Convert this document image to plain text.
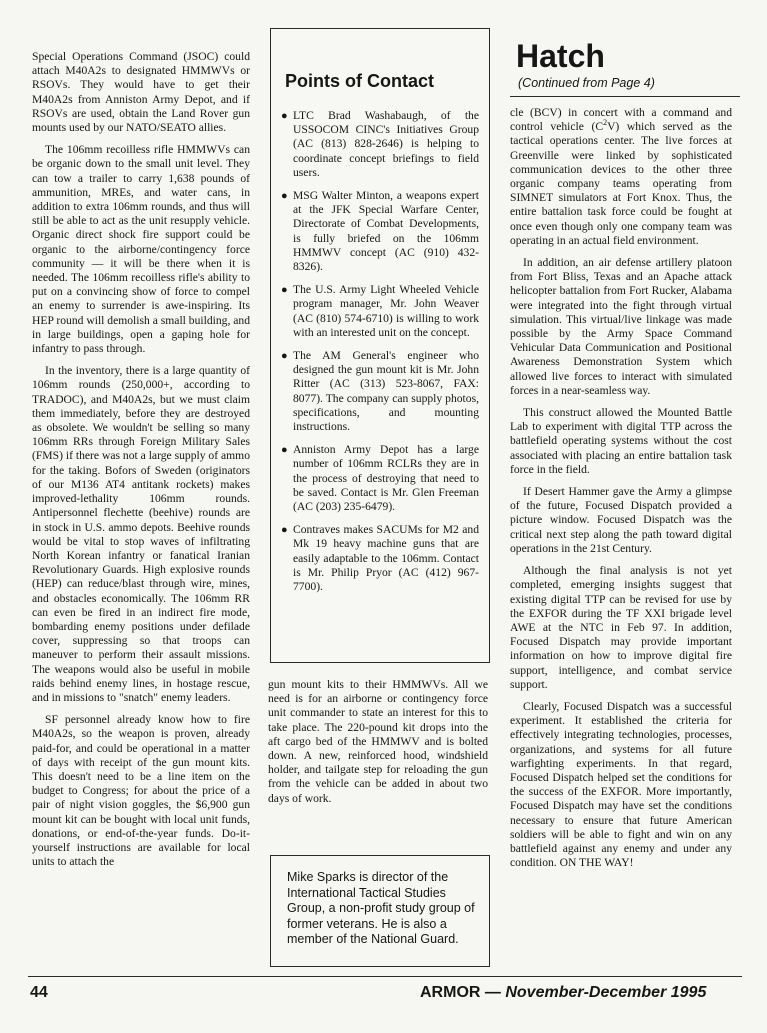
Special Operations Command (JSOC) could attach M40A2s to designated HMMWVs or RSOVs. They would have to get their M40A2s from Anniston Army Depot, and if RSOVs are used, obtain the Land Rover gun mounts used by our NATO/SEATO allies.

The 106mm recoilless rifle HMMWVs can be organic down to the small unit level. They can tow a trailer to carry 1,638 pounds of ammunition, MREs, and water cans, in addition to extra 106mm rounds, and thus will still be able to act as the unit resupply vehicle. Organic direct shock fire support could be organic to the airborne/contingency force community — it will be there when it is needed. The 106mm recoilless rifle's ability to put on a convincing show of force to compel an enemy to surrender is awe-inspiring. Its HEP round will demolish a small building, and in large buildings, open a gaping hole for infantry to pass through.

In the inventory, there is a large quantity of 106mm rounds (250,000+, according to TRADOC), and M40A2s, but we must claim them immediately, before they are destroyed as obsolete. We wouldn't be selling so many 106mm RRs through Foreign Military Sales (FMS) if there was not a large supply of ammo for the taking. Bofors of Sweden (originators of our M136 AT4 antitank rockets) makes improved-lethality 106mm rounds. Antipersonnel flechette (beehive) rounds are in stock in U.S. ammo depots. Beehive rounds would be vital to stop waves of infiltrating North Korean infantry or fanatical Iranian Revolutionary Guards. High explosive rounds (HEP) can reduce/blast through wire, mines, and obstacles economically. The 106mm RR can even be fired in an indirect fire mode, bombarding enemy positions under defilade cover, suppressing so that troops can maneuver to perform their assault missions. The weapons would also be useful in mobile raids behind enemy lines, in hostage rescue, and in missions to "snatch" enemy leaders.

SF personnel already know how to fire M40A2s, so the weapon is proven, already paid-for, and could be operational in a matter of days with receipt of the gun mount kits. This doesn't need to be a line item on the budget to Congress; for about the price of a pair of night vision goggles, the $6,900 gun mount kit can be bought with local unit funds, donations, or end-of-the-year funds. Do-it-yourself instructions are available for local units to attach the

Points of Contact
● LTC Brad Washabaugh, of the USSOCOM CINC's Initiatives Group (AC (813) 828-2646) is helping to coordinate concept briefings to field users.
● MSG Walter Minton, a weapons expert at the JFK Special Warfare Center, Directorate of Combat Developments, is fully briefed on the 106mm HMMWV concept (AC (910) 432-8326).
● The U.S. Army Light Wheeled Vehicle program manager, Mr. John Weaver (AC (810) 574-6710) is willing to work with an interested unit on the concept.
● The AM General's engineer who designed the gun mount kit is Mr. John Ritter (AC (313) 523-8067, FAX: 8077). The company can supply photos, specifications, and mounting instructions.
● Anniston Army Depot has a large number of 106mm RCLRs they are in the process of destroying that need to be saved. Contact is Mr. Glen Freeman (AC (203) 235-6479).
● Contraves makes SACUMs for M2 and Mk 19 heavy machine guns that are easily adaptable to the 106mm. Contact is Mr. Philip Pryor (AC (412) 967-7700).

gun mount kits to their HMMWVs. All we need is for an airborne or contingency force unit commander to state an interest for this to take place. The 220-pound kit drops into the aft cargo bed of the HMMWV and is bolted down. A new, reinforced hood, windshield holder, and tailgate step for reloading the gun from the vehicle can be added in about two days of work.

Mike Sparks is director of the International Tactical Studies Group, a non-profit study group of former veterans. He is also a member of the National Guard.
Hatch
(Continued from Page 4)

cle (BCV) in concert with a command and control vehicle $(C^2V)$ which served as the tactical operations center. The live forces at Greenville were linked by sophisticated communication devices to the other three organic company teams operating from SIMNET simulators at Fort Knox. Thus, the entire battalion task force could be fought at once even though only one company team was operating in an actual field environment.

In addition, an air defense artillery platoon from Fort Bliss, Texas and an Apache attack helicopter battalion from Fort Rucker, Alabama were integrated into the fight through virtual simulation. This virtual/live linkage was made possible by the Army Space Command Vehicular Data Communication and Positional Awareness Demonstration System which allowed live forces to interact with simulated forces in a near-seamless way.

This construct allowed the Mounted Battle Lab to experiment with digital TTP across the battlefield operating systems without the cost associated with placing an entire battalion task force in the field.

If Desert Hammer gave the Army a glimpse of the future, Focused Dispatch provided a picture window. Focused Dispatch was the critical next step along the path toward digital operations in the 21st Century.

Although the final analysis is not yet completed, emerging insights suggest that existing digital TTP can be revised for use by the EXFOR during the TF XXI brigade level AWE at the NTC in Feb 97. In addition, Focused Dispatch may provide important information on how to improve digital fire support, intelligence, and combat service support.

Clearly, Focused Dispatch was a successful experiment. It established the criteria for effectively integrating technologies, processes, organizations, and systems for all future warfighting experiments. In that regard, Focused Dispatch helped set the conditions for the success of the EXFOR. More importantly, Focused Dispatch may have set the conditions necessary to ensure that future American soldiers will be able to fight and win on any battlefield against any enemy and under any condition. ON THE WAY!

44	ARMOR — November-December 1995
